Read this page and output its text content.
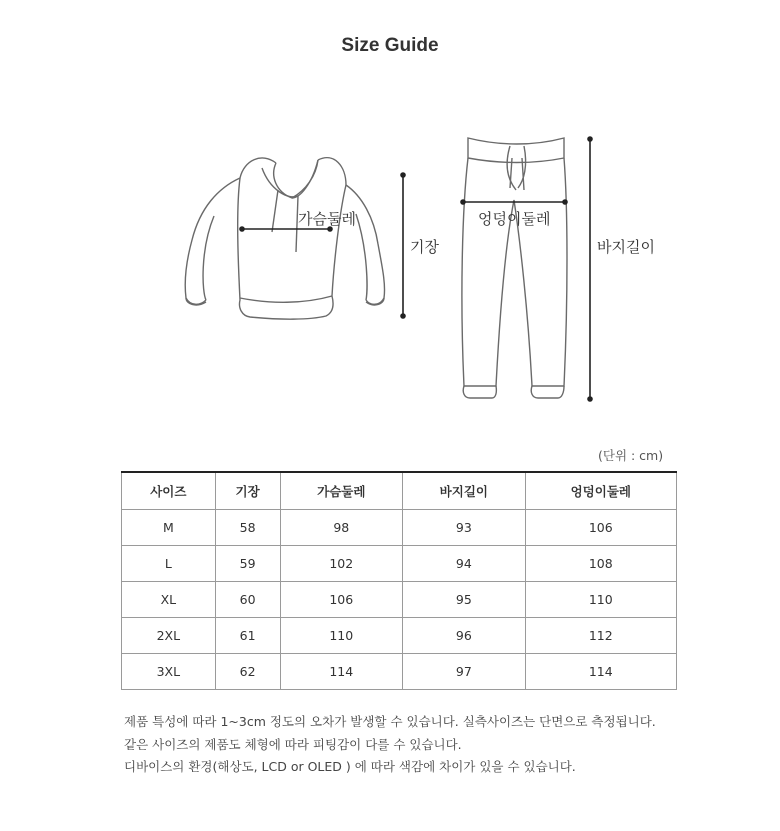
Size Guide
가슴둘레
기장
엉덩이둘레
바지길이
(단위 : cm)
사이즈	기장	가슴둘레	바지길이	엉덩이둘레
M	58	98	93	106
L	59	102	94	108
XL	60	106	95	110
2XL	61	110	96	112
3XL	62	114	97	114
제품 특성에 따라 1~3cm 정도의 오차가 발생할 수 있습니다. 실측사이즈는 단면으로 측정됩니다.
같은 사이즈의 제품도 체형에 따라 피팅감이 다를 수 있습니다.
디바이스의 환경(해상도, LCD or OLED ) 에 따라 색감에 차이가 있을 수 있습니다.
